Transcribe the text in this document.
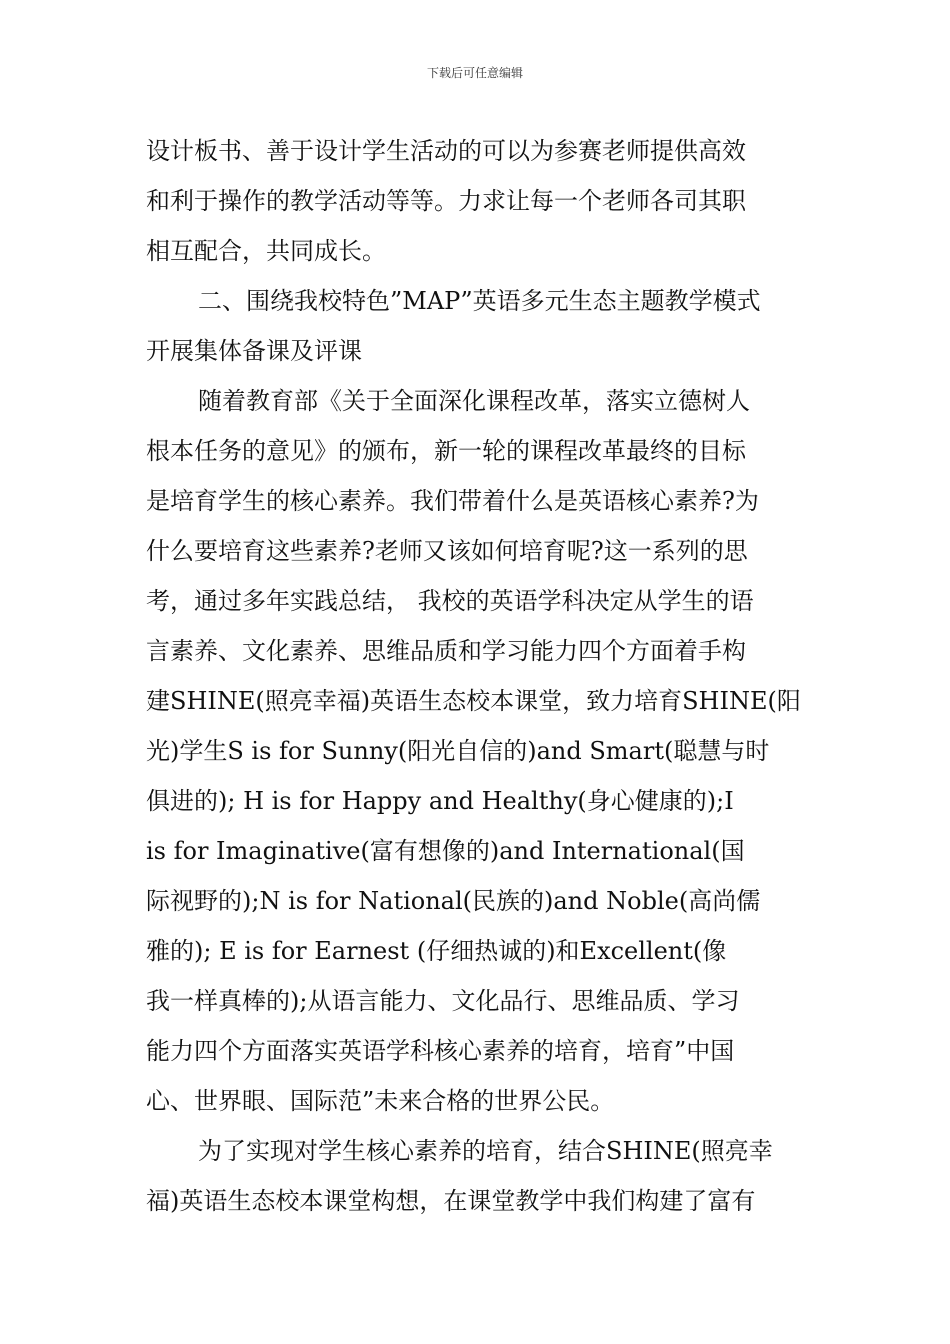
下载后可任意编辑
设计板书、善于设计学生活动的可以为参赛老师提供高效
和利于操作的教学活动等等。力求让每一个老师各司其职
相互配合，共同成长。
二、围绕我校特色”MAP”英语多元生态主题教学模式
开展集体备课及评课
随着教育部《关于全面深化课程改革，落实立德树人
根本任务的意见》的颁布，新一轮的课程改革最终的目标
是培育学生的核心素养。我们带着什么是英语核心素养?为
什么要培育这些素养?老师又该如何培育呢?这一系列的思
考，通过多年实践总结， 我校的英语学科决定从学生的语
言素养、文化素养、思维品质和学习能力四个方面着手构
建SHINE(照亮幸福)英语生态校本课堂，致力培育SHINE(阳
光)学生S is for Sunny(阳光自信的)and Smart(聪慧与时
俱进的); H is for Happy and Healthy(身心健康的);I
is for Imaginative(富有想像的)and International(国
际视野的);N is for National(民族的)and Noble(高尚儒
雅的); E is for Earnest (仔细热诚的)和Excellent(像
我一样真棒的);从语言能力、文化品行、思维品质、学习
能力四个方面落实英语学科核心素养的培育，培育”中国
心、世界眼、国际范”未来合格的世界公民。
为了实现对学生核心素养的培育，结合SHINE(照亮幸
福)英语生态校本课堂构想，在课堂教学中我们构建了富有
